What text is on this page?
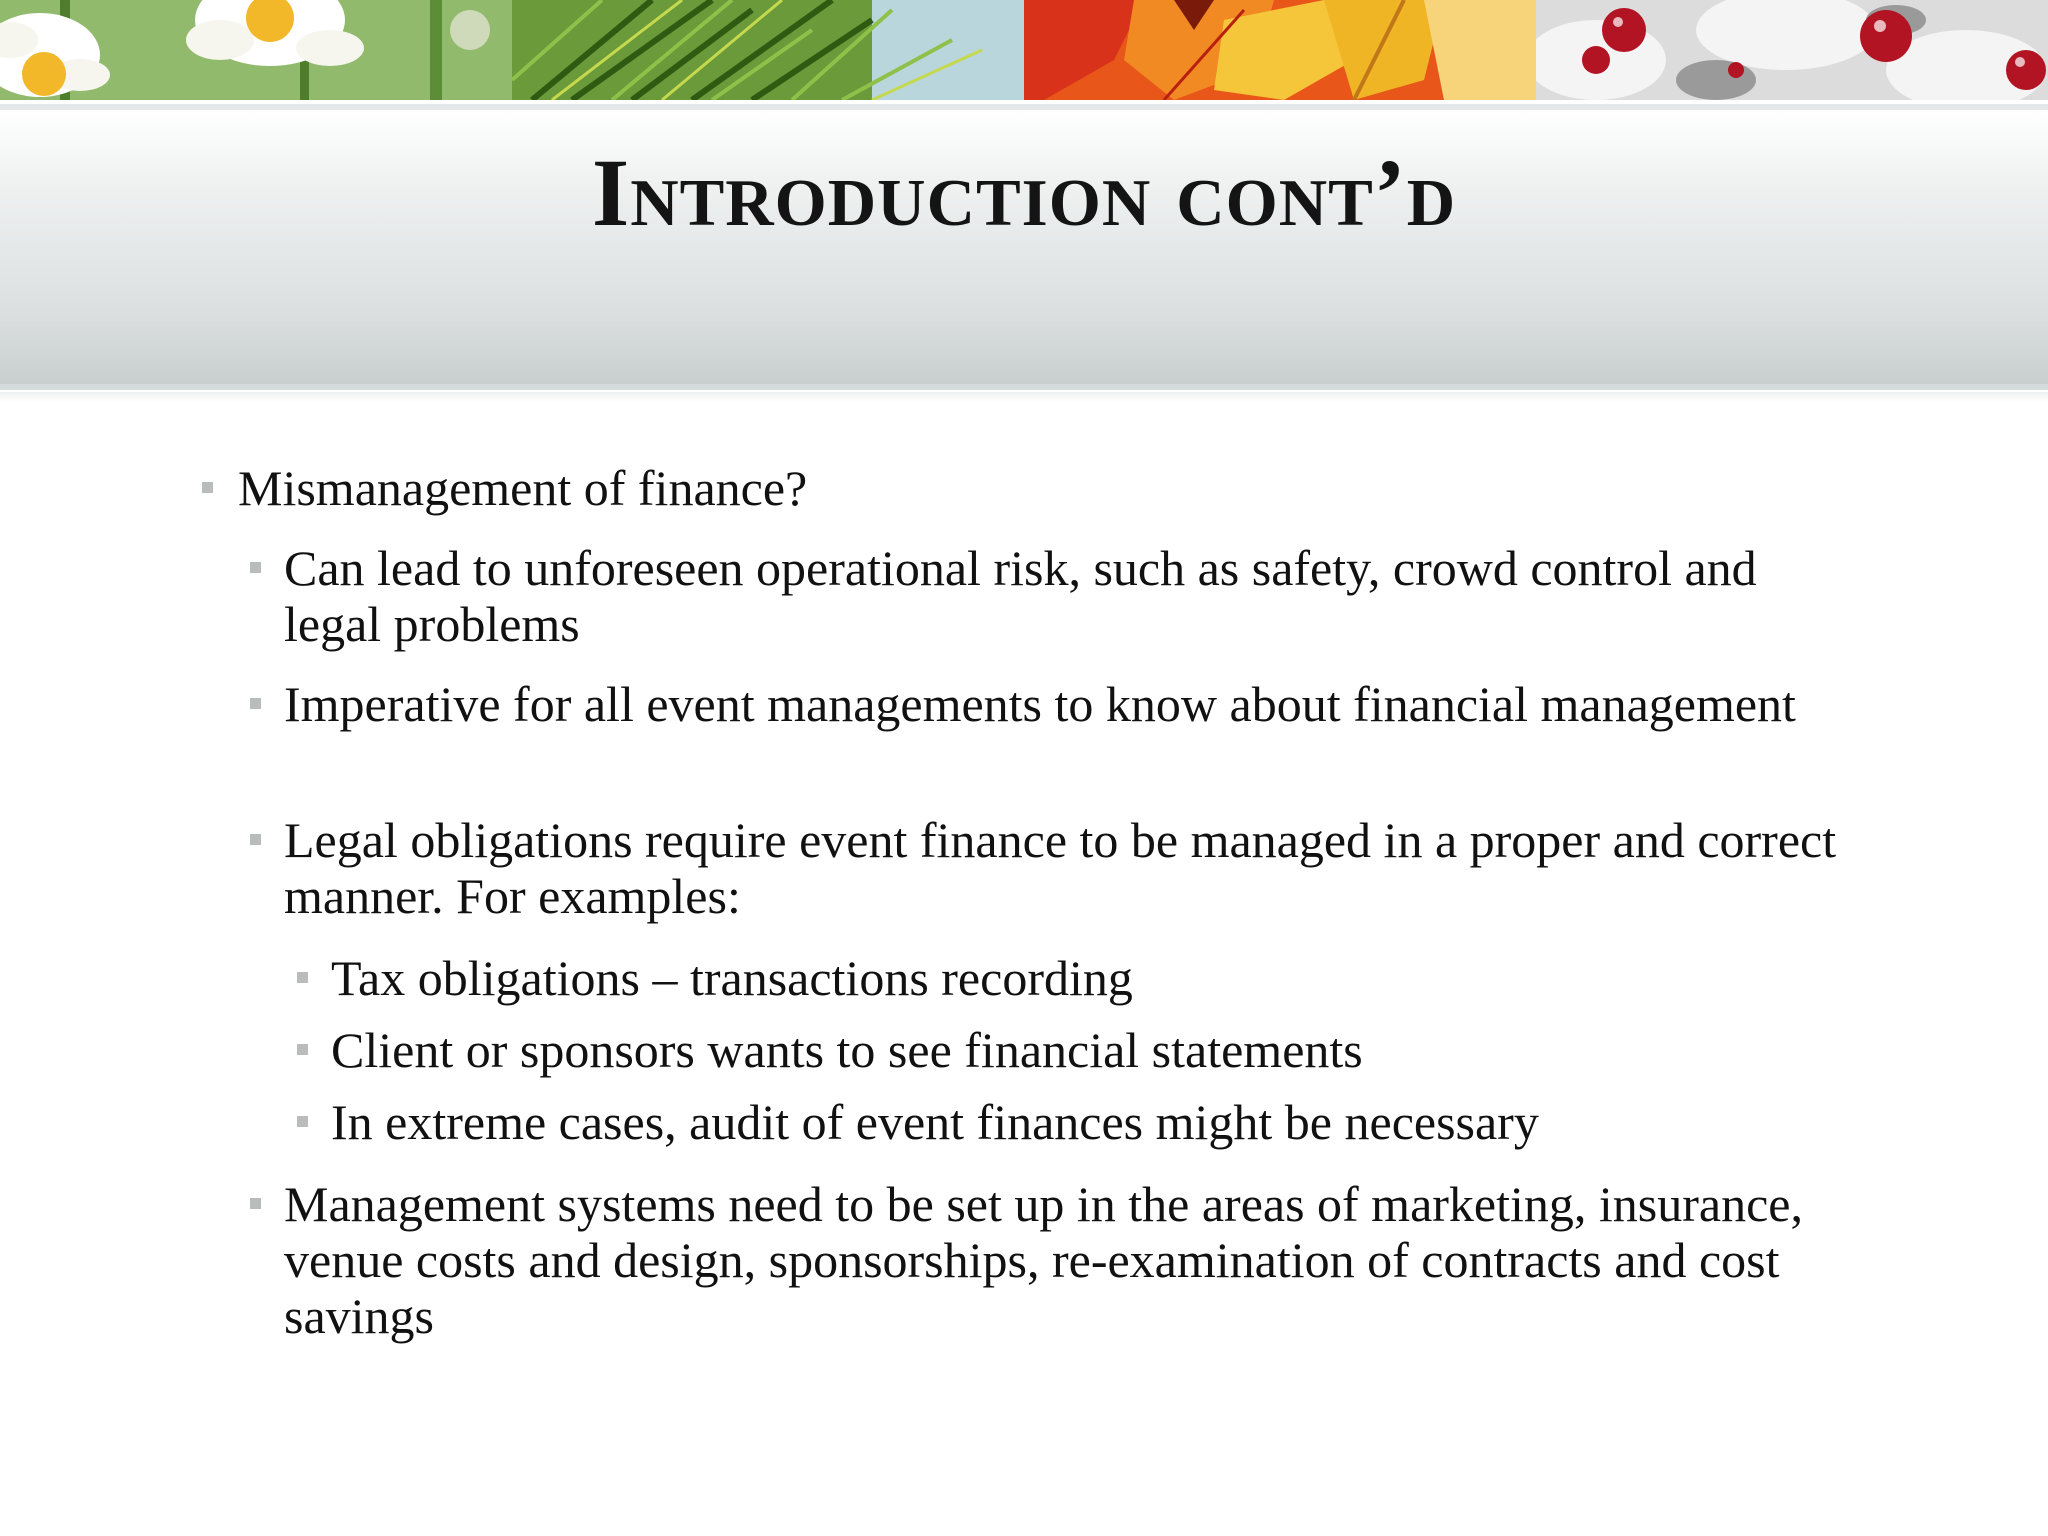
Introduction cont’d
Mismanagement of finance?
Can lead to unforeseen operational risk, such as safety, crowd control and legal problems
Imperative for all event managements to know about financial management
Legal obligations require event finance to be managed in a proper and correct manner. For examples:
Tax obligations – transactions recording
Client or sponsors wants to see financial statements
In extreme cases, audit of event finances might be necessary
Management systems need to be set up in the areas of marketing, insurance, venue costs and design, sponsorships, re-examination of contracts and cost savings
